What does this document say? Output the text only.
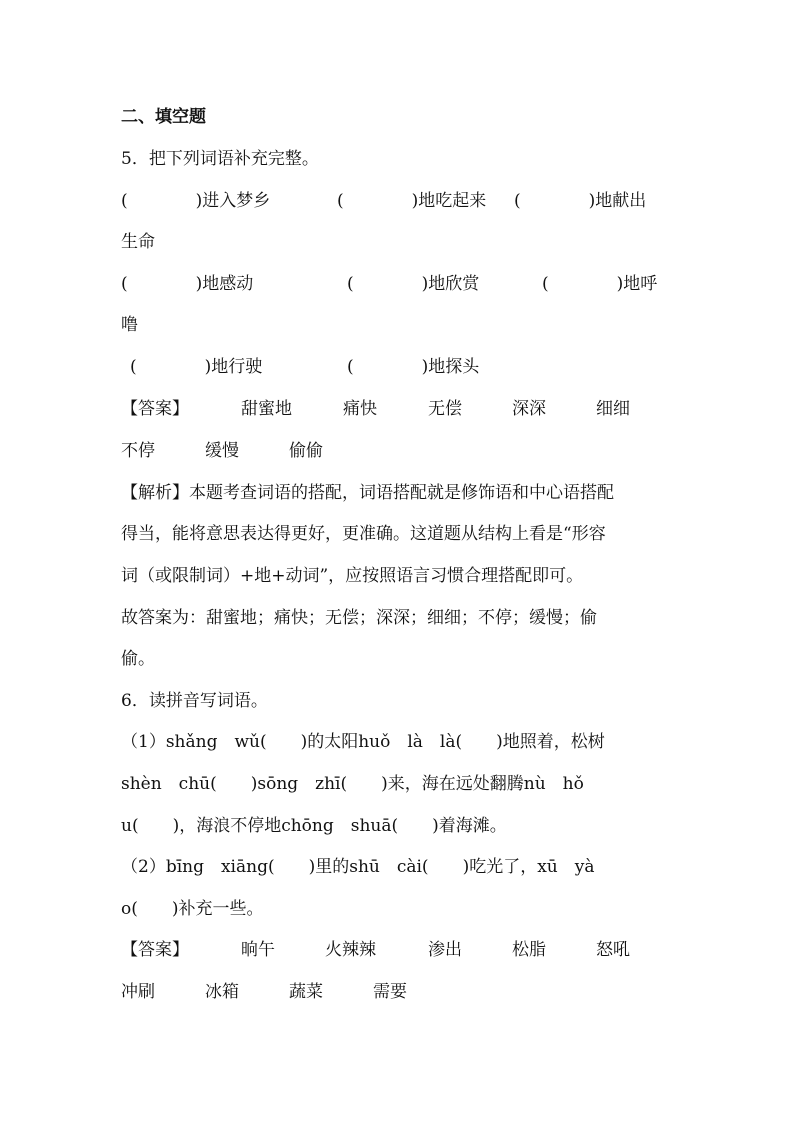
二、填空题
5．把下列词语补充完整。
(　　　　)进入梦乡	(　　　　)地吃起来 (　　　　)地献出
生命
(　　　　)地感动	(　　　　)地欣赏	(　　　　)地呼
噜
(　　　　)地行驶	(　　　　)地探头
【答案】	甜蜜地	痛快	无偿	深深	细细
不停	缓慢	偷偷
【解析】本题考查词语的搭配，词语搭配就是修饰语和中心语搭配
得当，能将意思表达得更好，更准确。这道题从结构上看是“形容
词（或限制词）+地+动词”，应按照语言习惯合理搭配即可。
故答案为：甜蜜地；痛快；无偿；深深；细细；不停；缓慢；偷
偷。
6．读拼音写词语。
（1）shǎng　wǔ(　　)的太阳huǒ　là　là(　　)地照着，松树
shèn　chū(　　)sōng　zhī(　　)来，海在远处翻腾nù　hǒ
u(　　)，海浪不停地chōng　shuā(　　)着海滩。
（2）bīng　xiāng(　　)里的shū　cài(　　)吃光了，xū　yà
o(　　)补充一些。
【答案】	晌午	火辣辣	渗出	松脂	怒吼
冲刷	冰箱	蔬菜	需要
